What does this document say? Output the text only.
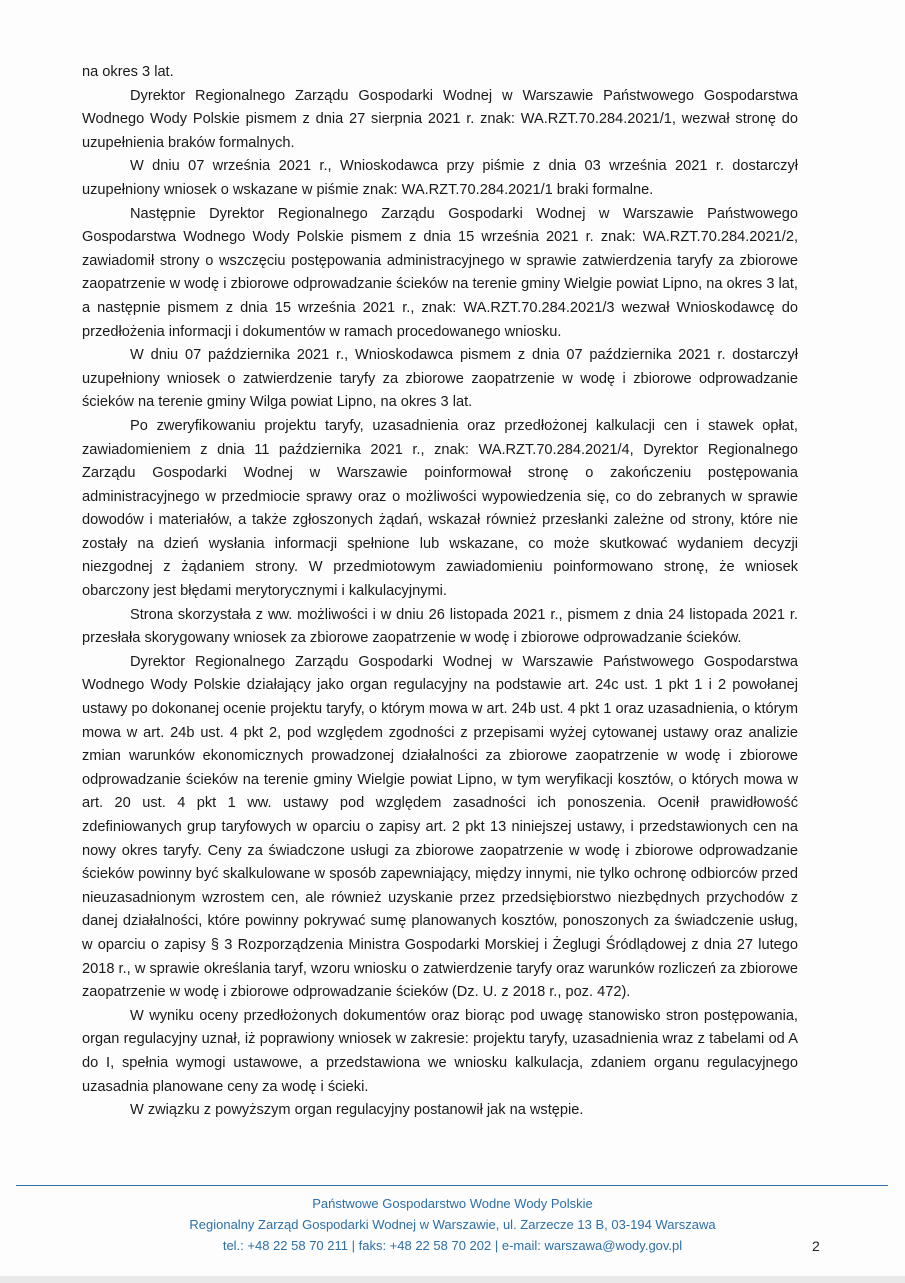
na okres 3 lat.

Dyrektor Regionalnego Zarządu Gospodarki Wodnej w Warszawie Państwowego Gospodarstwa Wodnego Wody Polskie pismem z dnia 27 sierpnia 2021 r. znak: WA.RZT.70.284.2021/1, wezwał stronę do uzupełnienia braków formalnych.

W dniu 07 września 2021 r., Wnioskodawca przy piśmie z dnia 03 września 2021 r. dostarczył uzupełniony wniosek o wskazane w piśmie znak: WA.RZT.70.284.2021/1 braki formalne.

Następnie Dyrektor Regionalnego Zarządu Gospodarki Wodnej w Warszawie Państwowego Gospodarstwa Wodnego Wody Polskie pismem z dnia 15 września 2021 r. znak: WA.RZT.70.284.2021/2, zawiadomił strony o wszczęciu postępowania administracyjnego w sprawie zatwierdzenia taryfy za zbiorowe zaopatrzenie w wodę i zbiorowe odprowadzanie ścieków na terenie gminy Wielgie powiat Lipno, na okres 3 lat, a następnie pismem z dnia 15 września 2021 r., znak: WA.RZT.70.284.2021/3 wezwał Wnioskodawcę do przedłożenia informacji i dokumentów w ramach procedowanego wniosku.

W dniu 07 października 2021 r., Wnioskodawca pismem z dnia 07 października 2021 r. dostarczył uzupełniony wniosek o zatwierdzenie taryfy za zbiorowe zaopatrzenie w wodę i zbiorowe odprowadzanie ścieków na terenie gminy Wilga powiat Lipno, na okres 3 lat.

Po zweryfikowaniu projektu taryfy, uzasadnienia oraz przedłożonej kalkulacji cen i stawek opłat, zawiadomieniem z dnia 11 października 2021 r., znak: WA.RZT.70.284.2021/4, Dyrektor Regionalnego Zarządu Gospodarki Wodnej w Warszawie poinformował stronę o zakończeniu postępowania administracyjnego w przedmiocie sprawy oraz o możliwości wypowiedzenia się, co do zebranych w sprawie dowodów i materiałów, a także zgłoszonych żądań, wskazał również przesłanki zależne od strony, które nie zostały na dzień wysłania informacji spełnione lub wskazane, co może skutkować wydaniem decyzji niezgodnej z żądaniem strony. W przedmiotowym zawiadomieniu poinformowano stronę, że wniosek obarczony jest błędami merytorycznymi i kalkulacyjnymi.

Strona skorzystała z ww. możliwości i w dniu 26 listopada 2021 r., pismem z dnia 24 listopada 2021 r. przesłała skorygowany wniosek za zbiorowe zaopatrzenie w wodę i zbiorowe odprowadzanie ścieków.

Dyrektor Regionalnego Zarządu Gospodarki Wodnej w Warszawie Państwowego Gospodarstwa Wodnego Wody Polskie działający jako organ regulacyjny na podstawie art. 24c ust. 1 pkt 1 i 2 powołanej ustawy po dokonanej ocenie projektu taryfy, o którym mowa w art. 24b ust. 4 pkt 1 oraz uzasadnienia, o którym mowa w art. 24b ust. 4 pkt 2, pod względem zgodności z przepisami wyżej cytowanej ustawy oraz analizie zmian warunków ekonomicznych prowadzonej działalności za zbiorowe zaopatrzenie w wodę i zbiorowe odprowadzanie ścieków na terenie gminy Wielgie powiat Lipno, w tym weryfikacji kosztów, o których mowa w art. 20 ust. 4 pkt 1 ww. ustawy pod względem zasadności ich ponoszenia. Ocenił prawidłowość zdefiniowanych grup taryfowych w oparciu o zapisy art. 2 pkt 13 niniejszej ustawy, i przedstawionych cen na nowy okres taryfy. Ceny za świadczone usługi za zbiorowe zaopatrzenie w wodę i zbiorowe odprowadzanie ścieków powinny być skalkulowane w sposób zapewniający, między innymi, nie tylko ochronę odbiorców przed nieuzasadnionym wzrostem cen, ale również uzyskanie przez przedsiębiorstwo niezbędnych przychodów z danej działalności, które powinny pokrywać sumę planowanych kosztów, ponoszonych za świadczenie usług, w oparciu o zapisy § 3 Rozporządzenia Ministra Gospodarki Morskiej i Żeglugi Śródlądowej z dnia 27 lutego 2018 r., w sprawie określania taryf, wzoru wniosku o zatwierdzenie taryfy oraz warunków rozliczeń za zbiorowe zaopatrzenie w wodę i zbiorowe odprowadzanie ścieków (Dz. U. z 2018 r., poz. 472).

W wyniku oceny przedłożonych dokumentów oraz biorąc pod uwagę stanowisko stron postępowania, organ regulacyjny uznał, iż poprawiony wniosek w zakresie: projektu taryfy, uzasadnienia wraz z tabelami od A do I, spełnia wymogi ustawowe, a przedstawiona we wniosku kalkulacja, zdaniem organu regulacyjnego uzasadnia planowane ceny za wodę i ścieki.

W związku z powyższym organ regulacyjny postanowił jak na wstępie.

Państwowe Gospodarstwo Wodne Wody Polskie
Regionalny Zarząd Gospodarki Wodnej w Warszawie, ul. Zarzecze 13 B, 03-194 Warszawa
tel.: +48 22 58 70 211 | faks: +48 22 58 70 202 | e-mail: warszawa@wody.gov.pl	2
